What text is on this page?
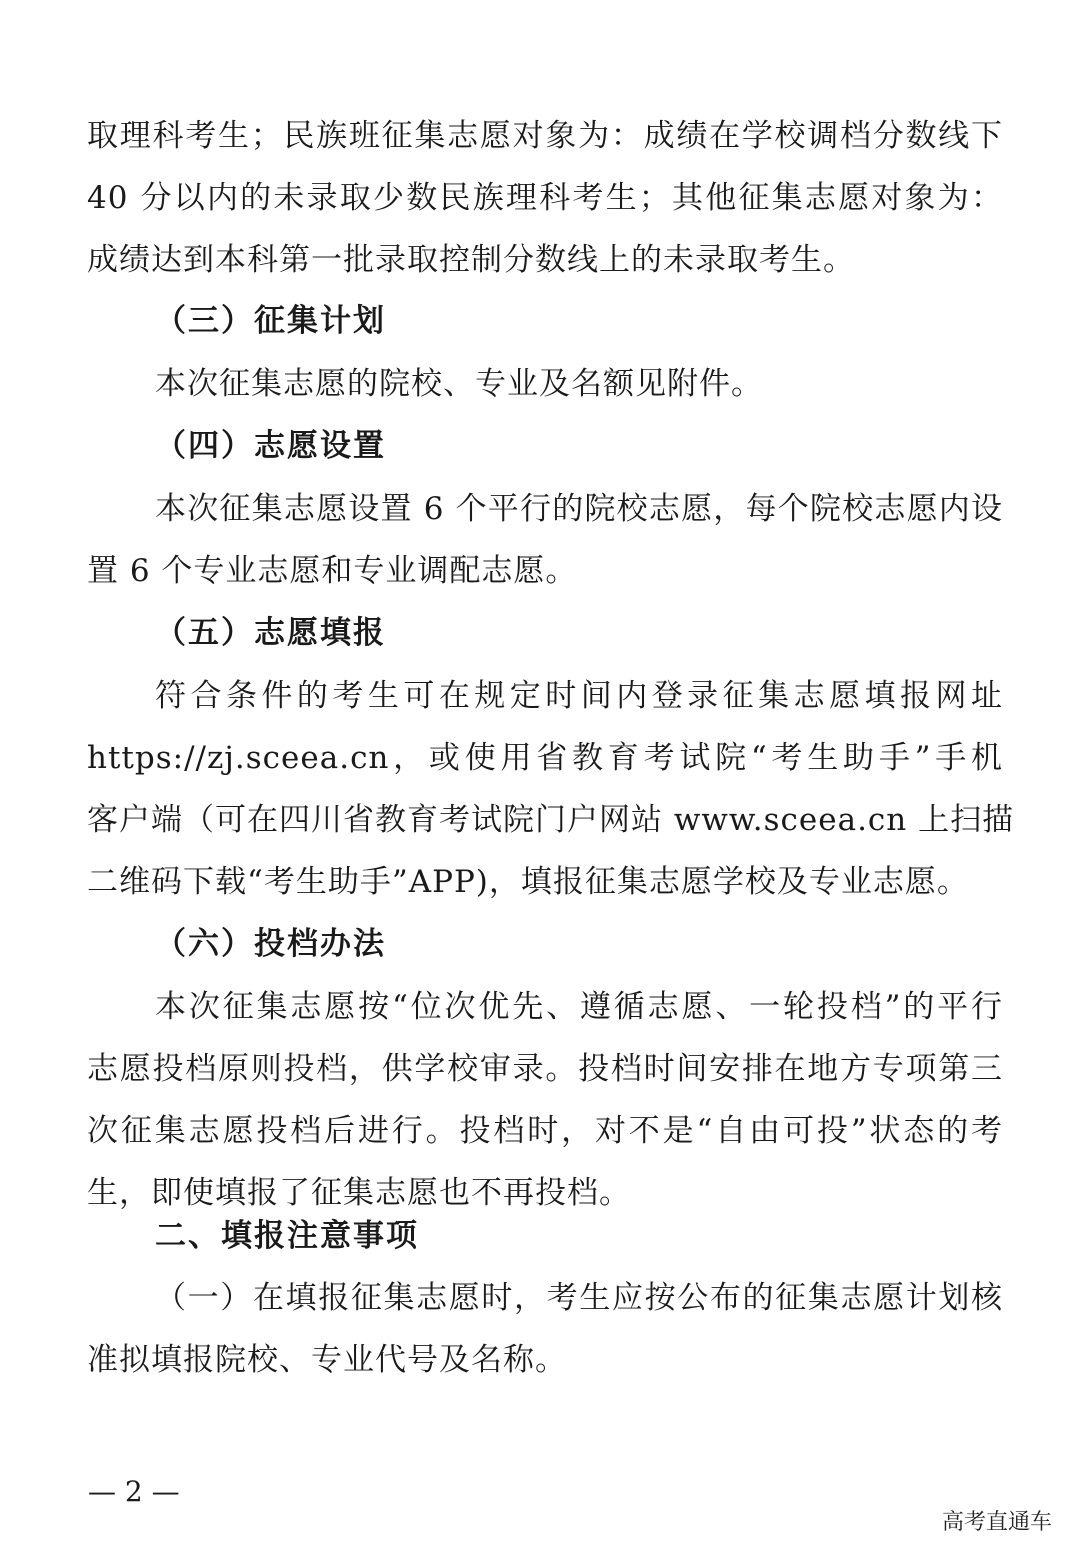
取理科考生；民族班征集志愿对象为：成绩在学校调档分数线下
40 分以内的未录取少数民族理科考生；其他征集志愿对象为：
成绩达到本科第一批录取控制分数线上的未录取考生。
（三）征集计划
本次征集志愿的院校、专业及名额见附件。
（四）志愿设置
本次征集志愿设置 6 个平行的院校志愿，每个院校志愿内设
置 6 个专业志愿和专业调配志愿。
（五）志愿填报
符合条件的考生可在规定时间内登录征集志愿填报网址
https://zj.sceea.cn，或使用省教育考试院“考生助手”手机
客户端（可在四川省教育考试院门户网站 www.sceea.cn 上扫描
二维码下载“考生助手”APP)，填报征集志愿学校及专业志愿。
（六）投档办法
本次征集志愿按“位次优先、遵循志愿、一轮投档”的平行
志愿投档原则投档，供学校审录。投档时间安排在地方专项第三
次征集志愿投档后进行。投档时，对不是“自由可投”状态的考
生，即使填报了征集志愿也不再投档。
二、填报注意事项
（一）在填报征集志愿时，考生应按公布的征集志愿计划核
准拟填报院校、专业代号及名称。
— 2 —
高考直通车
